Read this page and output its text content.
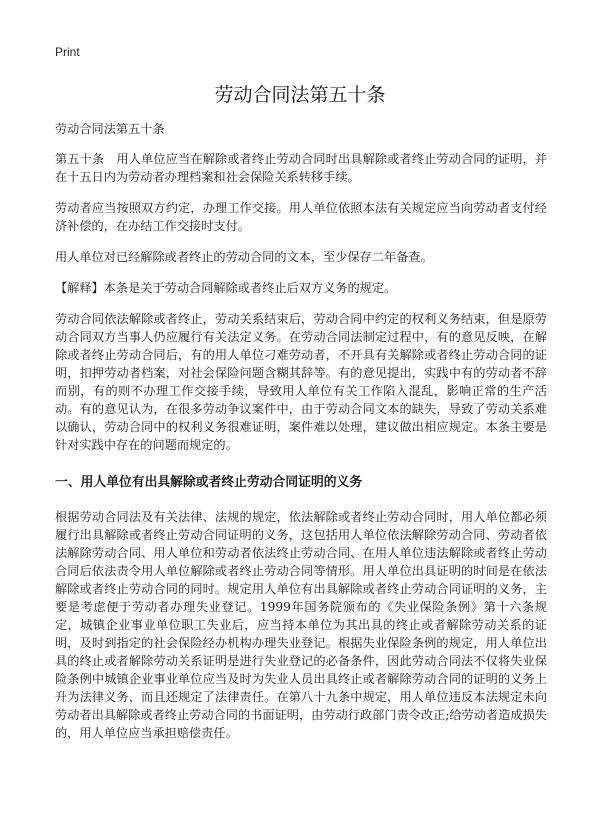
Print
劳动合同法第五十条

劳动合同法第五十条

第五十条　用人单位应当在解除或者终止劳动合同时出具解除或者终止劳动合同的证明，并在十五日内为劳动者办理档案和社会保险关系转移手续。

劳动者应当按照双方约定，办理工作交接。用人单位依照本法有关规定应当向劳动者支付经济补偿的，在办结工作交接时支付。

用人单位对已经解除或者终止的劳动合同的文本，至少保存二年备查。

【解释】本条是关于劳动合同解除或者终止后双方义务的规定。

劳动合同依法解除或者终止，劳动关系结束后，劳动合同中约定的权利义务结束，但是原劳动合同双方当事人仍应履行有关法定义务。在劳动合同法制定过程中，有的意见反映，在解除或者终止劳动合同后，有的用人单位刁难劳动者，不开具有关解除或者终止劳动合同的证明，扣押劳动者档案，对社会保险问题含糊其辞等。有的意见提出，实践中有的劳动者不辞而别，有的则不办理工作交接手续，导致用人单位有关工作陷入混乱，影响正常的生产活动。有的意见认为，在很多劳动争议案件中，由于劳动合同文本的缺失，导致了劳动关系难以确认，劳动合同中的权利义务很难证明，案件难以处理，建议做出相应规定。本条主要是针对实践中存在的问题而规定的。

一、用人单位有出具解除或者终止劳动合同证明的义务

根据劳动合同法及有关法律、法规的规定，依法解除或者终止劳动合同时，用人单位都必须履行出具解除或者终止劳动合同证明的义务，这包括用人单位依法解除劳动合同、劳动者依法解除劳动合同、用人单位和劳动者依法终止劳动合同、在用人单位违法解除或者终止劳动合同后依法责令用人单位解除或者终止劳动合同等情形。用人单位出具证明的时间是在依法解除或者终止劳动合同的同时。规定用人单位有出具解除或者终止劳动合同证明的义务，主要是考虑便于劳动者办理失业登记。1999年国务院颁布的《失业保险条例》第十六条规定，城镇企业事业单位职工失业后，应当持本单位为其出具的终止或者解除劳动关系的证明，及时到指定的社会保险经办机构办理失业登记。根据失业保险条例的规定，用人单位出具的终止或者解除劳动关系证明是进行失业登记的必备条件，因此劳动合同法不仅将失业保险条例中城镇企业事业单位应当及时为失业人员出具终止或者解除劳动合同的证明的义务上升为法律义务，而且还规定了法律责任。在第八十九条中规定，用人单位违反本法规定未向劳动者出具解除或者终止劳动合同的书面证明，由劳动行政部门责令改正;给劳动者造成损失的，用人单位应当承担赔偿责任。
